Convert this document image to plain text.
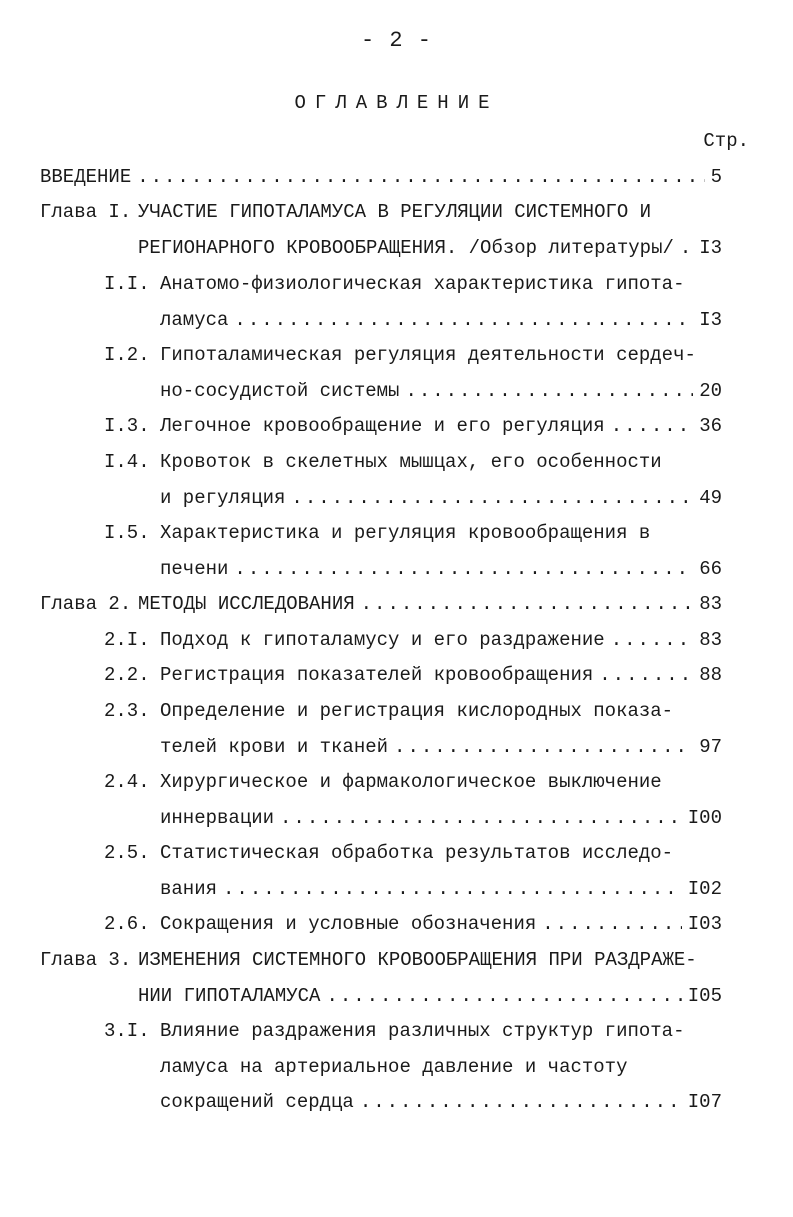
- 2 -
ОГЛАВЛЕНИЕ
Стр.
ВВЕДЕНИЕ .....	5
Глава I. УЧАСТИЕ ГИПОТАЛАМУСА В РЕГУЛЯЦИИ СИСТЕМНОГО И
РЕГИОНАРНОГО КРОВООБРАЩЕНИЯ. /Обзор литературы/ ..... I3
I.I. Анатомо-физиологическая характеристика гипота-
ламуса .....	I3
I.2. Гипоталамическая регуляция деятельности сердеч-
но-сосудистой системы .....	20
I.3. Легочное кровообращение и его регуляция .....	36
I.4. Кровоток в скелетных мышцах, его особенности
и регуляция .....	49
I.5. Характеристика и регуляция кровообращения в
печени .....	66
Глава 2. МЕТОДЫ ИССЛЕДОВАНИЯ .....	83
2.I. Подход к гипоталамусу и его раздражение .....	83
2.2. Регистрация показателей кровообращения .....	88
2.3. Определение и регистрация кислородных показа-
телей крови и тканей .....	97
2.4. Хирургическое и фармакологическое выключение
иннервации .....	I00
2.5. Статистическая обработка результатов исследо-
вания .....	I02
2.6. Сокращения и условные обозначения .....	I03
Глава 3. ИЗМЕНЕНИЯ СИСТЕМНОГО КРОВООБРАЩЕНИЯ ПРИ РАЗДРАЖЕ-
НИИ ГИПОТАЛАМУСА .....	I05
3.I. Влияние раздражения различных структур гипота-
ламуса на артериальное давление и частоту
сокращений сердца .....	I07
